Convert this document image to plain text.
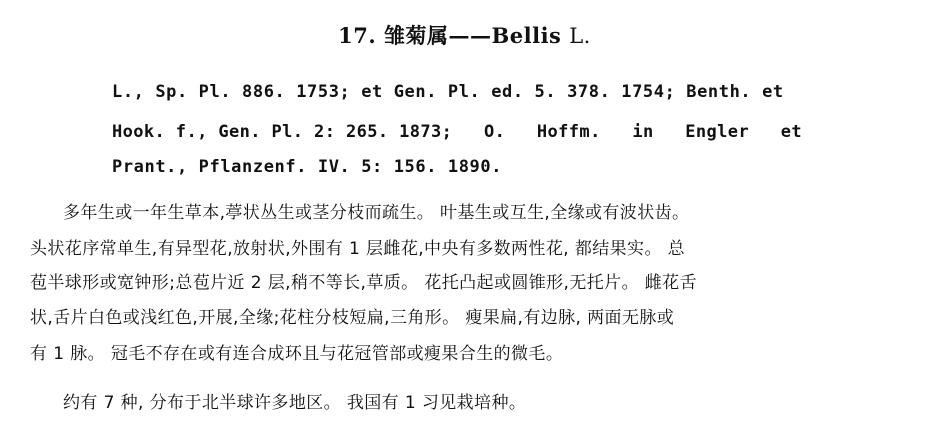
17. 雏菊属——Bellis L.
L., Sp. Pl. 886. 1753; et Gen. Pl. ed. 5. 378. 1754; Benth. et
Hook. f., Gen. Pl. 2: 265. 1873; O. Hoffm. in Engler et
Prant., Pflanzenf. IV. 5: 156. 1890.
多年生或一年生草本,葶状丛生或茎分枝而疏生。 叶基生或互生,全缘或有波状齿。
头状花序常单生,有异型花,放射状,外围有 1 层雌花,中央有多数两性花, 都结果实。 总
苞半球形或宽钟形;总苞片近 2 层,稍不等长,草质。 花托凸起或圆锥形,无托片。 雌花舌
状,舌片白色或浅红色,开展,全缘;花柱分枝短扁,三角形。 瘦果扁,有边脉, 两面无脉或
有 1 脉。 冠毛不存在或有连合成环且与花冠管部或瘦果合生的微毛。
约有 7 种, 分布于北半球许多地区。 我国有 1 习见栽培种。
